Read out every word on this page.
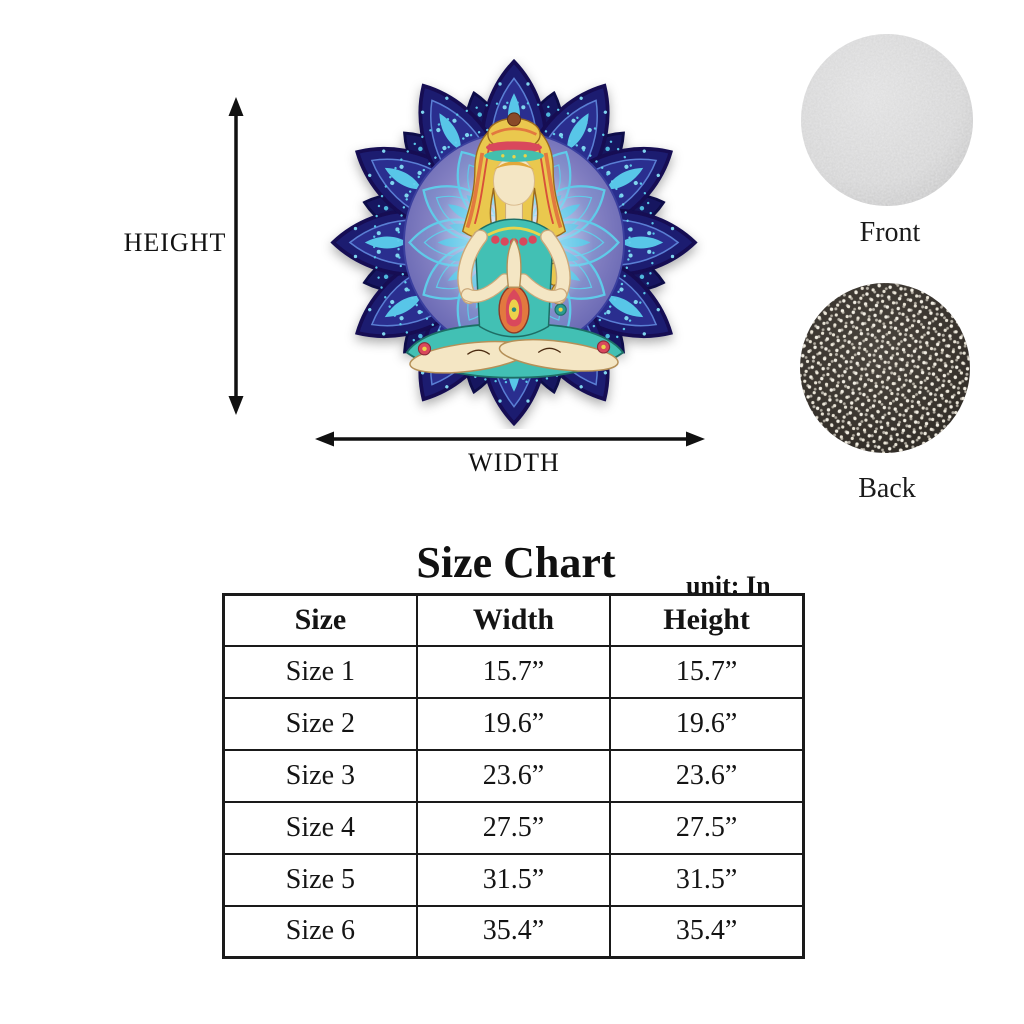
HEIGHT
WIDTH
Front
Back
Size Chart	unit: In
Size	Width	Height
Size 1	15.7”	15.7”
Size 2	19.6”	19.6”
Size 3	23.6”	23.6”
Size 4	27.5”	27.5”
Size 5	31.5”	31.5”
Size 6	35.4”	35.4”
